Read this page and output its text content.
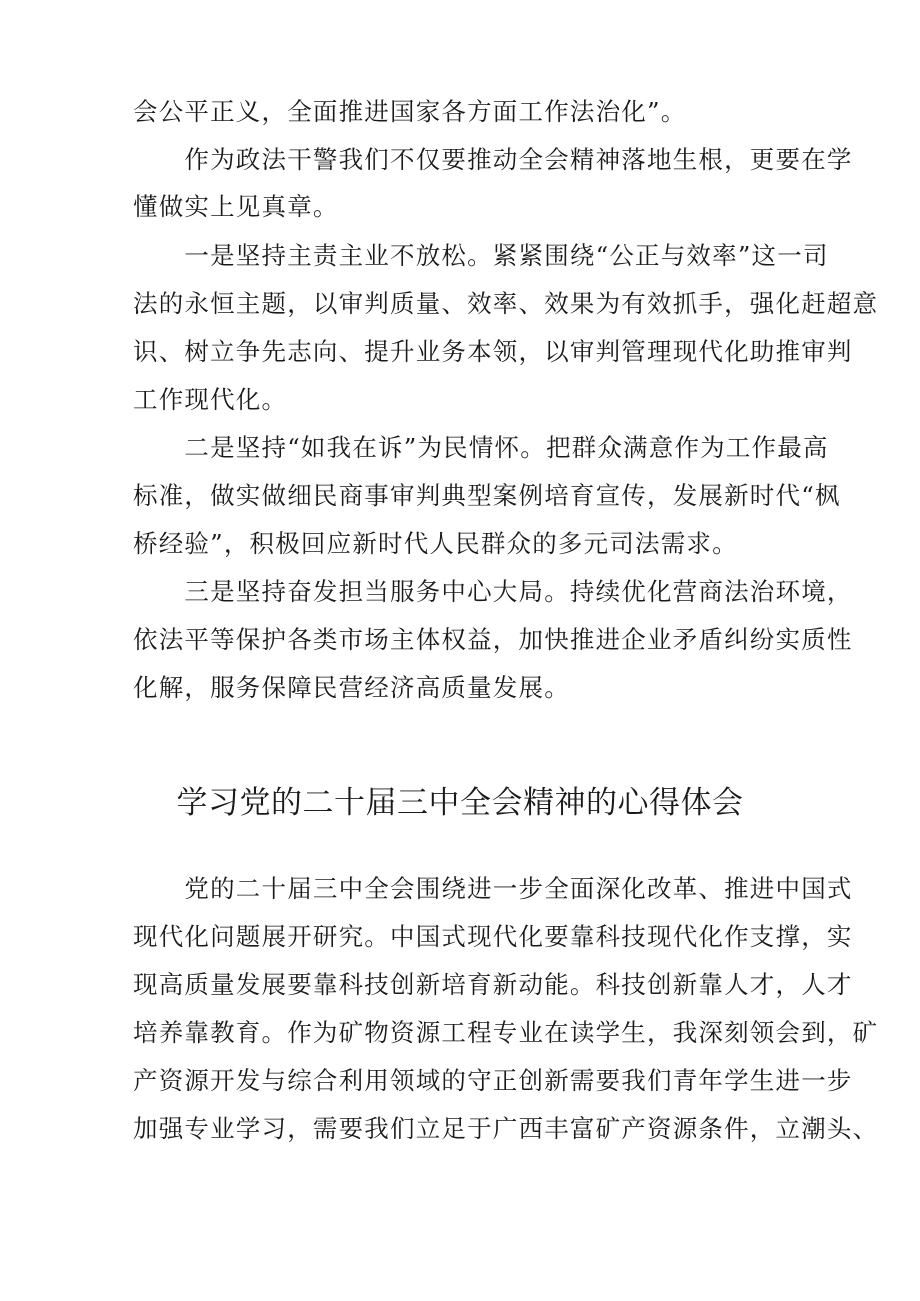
会公平正义，全面推进国家各方面工作法治化”。
　　作为政法干警我们不仅要推动全会精神落地生根，更要在学
懂做实上见真章。
　　一是坚持主责主业不放松。紧紧围绕“公正与效率”这一司
法的永恒主题，以审判质量、效率、效果为有效抓手，强化赶超意
识、树立争先志向、提升业务本领，以审判管理现代化助推审判
工作现代化。
　　二是坚持“如我在诉”为民情怀。把群众满意作为工作最高
标准，做实做细民商事审判典型案例培育宣传，发展新时代“枫
桥经验”，积极回应新时代人民群众的多元司法需求。
　　三是坚持奋发担当服务中心大局。持续优化营商法治环境，
依法平等保护各类市场主体权益，加快推进企业矛盾纠纷实质性
化解，服务保障民营经济高质量发展。
学习党的二十届三中全会精神的心得体会
　　党的二十届三中全会围绕进一步全面深化改革、推进中国式
现代化问题展开研究。中国式现代化要靠科技现代化作支撑，实
现高质量发展要靠科技创新培育新动能。科技创新靠人才，人才
培养靠教育。作为矿物资源工程专业在读学生，我深刻领会到，矿
产资源开发与综合利用领域的守正创新需要我们青年学生进一步
加强专业学习，需要我们立足于广西丰富矿产资源条件，立潮头、
